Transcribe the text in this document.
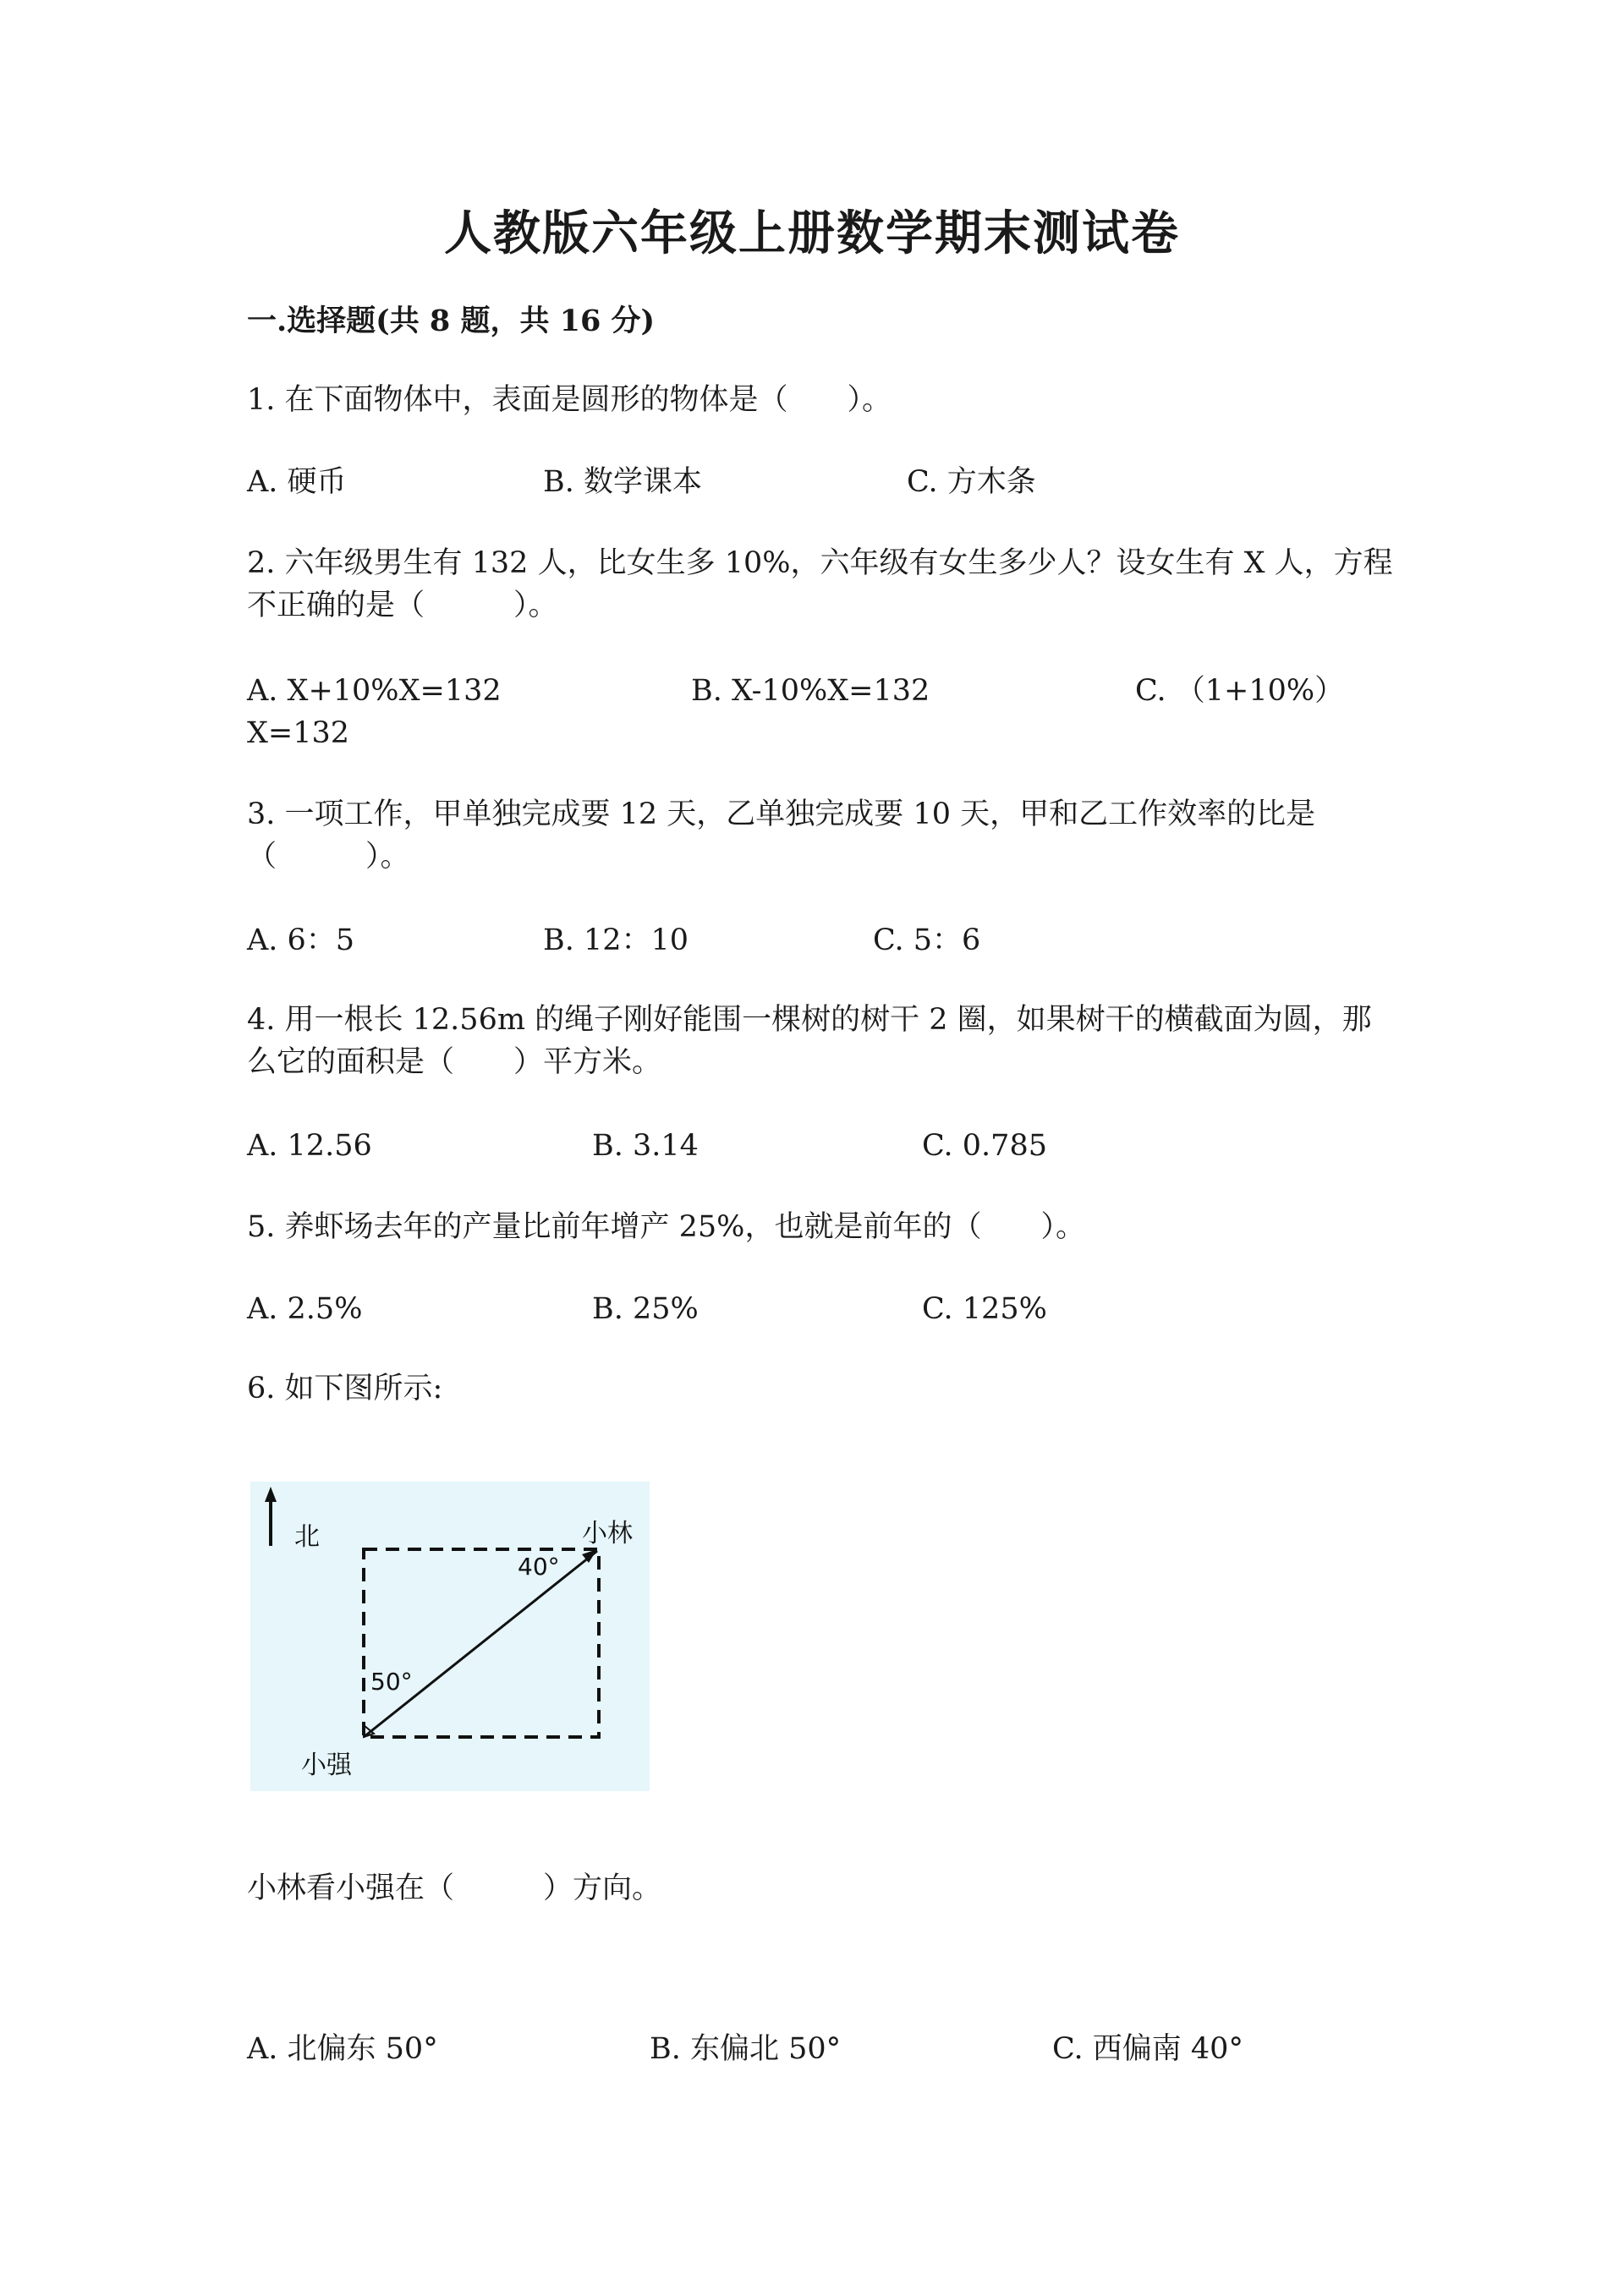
人教版六年级上册数学期末测试卷
一.选择题(共 8 题，共 16 分)
1. 在下面物体中，表面是圆形的物体是（　　）。
A. 硬币	B. 数学课本	C. 方木条
2. 六年级男生有 132 人，比女生多 10%，六年级有女生多少人？设女生有 X 人，方程不正确的是（　　　）。
A. X+10%X=132	B. X-10%X=132	C. （1+10%）
X=132
3. 一项工作，甲单独完成要 12 天，乙单独完成要 10 天，甲和乙工作效率的比是（　　　）。
A. 6：5	B. 12：10	C. 5：6
4. 用一根长 12.56m 的绳子刚好能围一棵树的树干 2 圈，如果树干的横截面为圆，那么它的面积是（　　）平方米。
A. 12.56	B. 3.14	C. 0.785
5. 养虾场去年的产量比前年增产 25%，也就是前年的（　　）。
A. 2.5%	B. 25%	C. 125%
6. 如下图所示:
北	小林
40°
50°
小强
小林看小强在（　　　）方向。
A. 北偏东 50°	B. 东偏北 50°	C. 西偏南 40°
